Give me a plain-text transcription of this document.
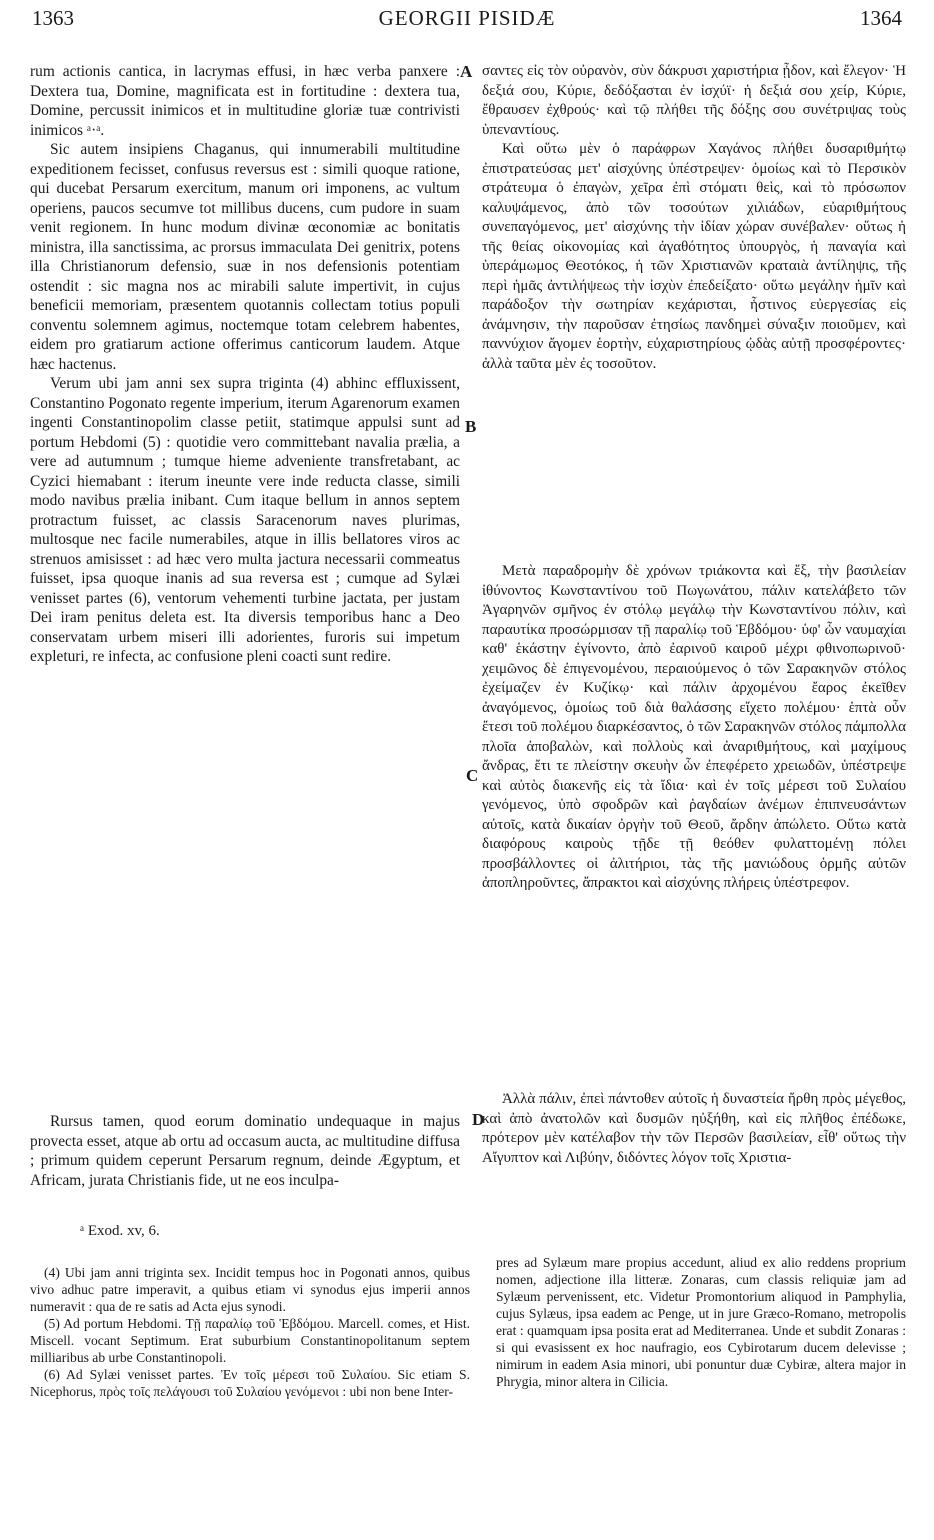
1363	GEORGII PISIDÆ	1364

rum actionis cantica, in lacrymas effusi, in hæc verba panxere : Dextera tua, Domine, magnificata est in fortitudine : dextera tua, Domine, percussit inimicos et in multitudine gloriæ tuæ contrivisti inimicos ᵃ·ᵃ.

Sic autem insipiens Chaganus, qui innumerabili multitudine expeditionem fecisset, confusus reversus est : simili quoque ratione, qui ducebat Persarum exercitum, manum ori imponens, ac vultum operiens, paucos secumve tot millibus ducens, cum pudore in suam venit regionem. In hunc modum divinæ œconomiæ ac bonitatis ministra, illa sanctissima, ac prorsus immaculata Dei genitrix, potens illa Christianorum defensio, suæ in nos defensionis potentiam ostendit : sic magna nos ac mirabili salute impertivit, in cujus beneficii memoriam, præsentem quotannis collectam totius populi conventu solemnem agimus, noctemque totam celebrem habentes, eidem pro gratiarum actione offerimus canticorum laudem. Atque hæc hactenus.

Verum ubi jam anni sex supra triginta (4) abhinc effluxissent, Constantino Pogonato regente imperium, iterum Agarenorum examen ingenti Constantinopolim classe petiit, statimque appulsi sunt ad portum Hebdomi (5) : quotidie vero committebant navalia prælia, a vere ad autumnum ; tumque hieme adveniente transfretabant, ac Cyzici hiemabant : iterum ineunte vere inde reducta classe, simili modo navibus prælia inibant. Cum itaque bellum in annos septem protractum fuisset, ac classis Saracenorum naves plurimas, multosque nec facile numerabiles, atque in illis bellatores viros ac strenuos amisisset : ad hæc vero multa jactura necessarii commeatus fuisset, ipsa quoque inanis ad sua reversa est ; cumque ad Sylæi venisset partes (6), ventorum vehementi turbine jactata, per justam Dei iram penitus deleta est. Ita diversis temporibus hanc a Deo conservatam urbem miseri illi adorientes, furoris sui impetum expleturi, re infecta, ac confusione pleni coacti sunt redire.

Rursus tamen, quod eorum dominatio undequaque in majus provecta esset, atque ab ortu ad occasum aucta, ac multitudine diffusa ; primum quidem ceperunt Persarum regnum, deinde Ægyptum, et Africam, jurata Christianis fide, ut ne eos inculpa-

σαντες εἰς τὸν οὐρανὸν, σὺν δάκρυσι χαριστήρια ᾖδον, καὶ ἔλεγον· Ἡ δεξιά σου, Κύριε, δεδόξασται ἐν ἰσχύϊ· ἡ δεξιά σου χείρ, Κύριε, ἔθραυσεν ἐχθρούς· καὶ τῷ πλήθει τῆς δόξης σου συνέτριψας τοὺς ὑπεναντίους.

Καὶ οὕτω μὲν ὁ παράφρων Χαγάνος πλήθει δυσαριθμήτῳ ἐπιστρατεύσας μετ' αἰσχύνης ὑπέστρεψεν· ὁμοίως καὶ τὸ Περσικὸν στράτευμα ὁ ἐπαγὼν, χεῖρα ἐπὶ στόματι θεὶς, καὶ τὸ πρόσωπον καλυψάμενος, ἀπὸ τῶν τοσούτων χιλιάδων, εὐαριθμήτους συνεπαγόμενος, μετ' αἰσχύνης τὴν ἰδίαν χώραν συνέβαλεν· οὕτως ἡ τῆς θείας οἰκονομίας καὶ ἀγαθότητος ὑπουργὸς, ἡ παναγία καὶ ὑπεράμωμος Θεοτόκος, ἡ τῶν Χριστιανῶν κραταιὰ ἀντίληψις, τῆς περὶ ἡμᾶς ἀντιλήψεως τὴν ἰσχὺν ἐπεδείξατο· οὕτω μεγάλην ἡμῖν καὶ παράδοξον τὴν σωτηρίαν κεχάρισται, ἧστινος εὐεργεσίας εἰς ἀνάμνησιν, τὴν παροῦσαν ἐτησίως πανδημεὶ σύναξιν ποιοῦμεν, καὶ παννύχιον ἄγομεν ἑορτὴν, εὐχαριστηρίους ᾠδὰς αὐτῇ προσφέροντες· ἀλλὰ ταῦτα μὲν ἐς τοσοῦτον.

Μετὰ παραδρομὴν δὲ χρόνων τριάκοντα καὶ ἕξ, τὴν βασιλείαν ἰθύνοντος Κωνσταντίνου τοῦ Πωγωνάτου, πάλιν κατελάβετο τῶν Ἀγαρηνῶν σμῆνος ἐν στόλῳ μεγάλῳ τὴν Κωνσταντίνου πόλιν, καὶ παραυτίκα προσώρμισαν τῇ παραλίῳ τοῦ Ἑβδόμου· ὑφ' ὧν ναυμαχίαι καθ' ἑκάστην ἐγίνοντο, ἀπὸ ἐαρινοῦ καιροῦ μέχρι φθινοπωρινοῦ· χειμῶνος δὲ ἐπιγενομένου, περαιούμενος ὁ τῶν Σαρακηνῶν στόλος ἐχείμαζεν ἐν Κυζίκῳ· καὶ πάλιν ἀρχομένου ἔαρος ἐκεῖθεν ἀναγόμενος, ὁμοίως τοῦ διὰ θαλάσσης εἴχετο πολέμου· ἑπτὰ οὖν ἔτεσι τοῦ πολέμου διαρκέσαντος, ὁ τῶν Σαρακηνῶν στόλος πάμπολλα πλοῖα ἀποβαλὼν, καὶ πολλοὺς καὶ ἀναριθμήτους, καὶ μαχίμους ἄνδρας, ἔτι τε πλείστην σκευὴν ὧν ἐπεφέρετο χρειωδῶν, ὑπέστρεψε καὶ αὐτὸς διακενῆς εἰς τὰ ἴδια· καὶ ἐν τοῖς μέρεσι τοῦ Συλαίου γενόμενος, ὑπὸ σφοδρῶν καὶ ῥαγδαίων ἀνέμων ἐπιπνευσάντων αὐτοῖς, κατὰ δικαίαν ὀργὴν τοῦ Θεοῦ, ἄρδην ἀπώλετο. Οὕτω κατὰ διαφόρους καιροὺς τῇδε τῇ θεόθεν φυλαττομένῃ πόλει προσβάλλοντες οἱ ἀλιτήριοι, τὰς τῆς μανιώδους ὁρμῆς αὐτῶν ἀποπληροῦντες, ἄπρακτοι καὶ αἰσχύνης πλήρεις ὑπέστρεφον.

Ἀλλὰ πάλιν, ἐπεὶ πάντοθεν αὐτοῖς ἡ δυναστεία ἤρθη πρὸς μέγεθος, καὶ ἀπὸ ἀνατολῶν καὶ δυσμῶν ηὐξήθη, καὶ εἰς πλῆθος ἐπέδωκε, πρότερον μὲν κατέλαβον τὴν τῶν Περσῶν βασιλείαν, εἶθ' οὕτως τὴν Αἴγυπτον καὶ Λιβύην, διδόντες λόγον τοῖς Χριστια-

A
B
C
D
ᵃ Exod. xv, 6.

(4) Ubi jam anni triginta sex. Incidit tempus hoc in Pogonati annos, quibus vivo adhuc patre imperavit, a quibus etiam vi synodus ejus imperii annos numeravit : qua de re satis ad Acta ejus synodi.

(5) Ad portum Hebdomi. Τῇ παραλίῳ τοῦ Ἑβδόμου. Marcell. comes, et Hist. Miscell. vocant Septimum. Erat suburbium Constantinopolitanum septem milliaribus ab urbe Constantinopoli.

(6) Ad Sylæi venisset partes. Ἐν τοῖς μέρεσι τοῦ Συλαίου. Sic etiam S. Nicephorus, πρὸς τοῖς πελάγουσι τοῦ Συλαίου γενόμενοι : ubi non bene Inter-

pres ad Sylæum mare propius accedunt, aliud ex alio reddens proprium nomen, adjectione illa litteræ. Zonaras, cum classis reliquiæ jam ad Sylæum pervenissent, etc. Videtur Promontorium aliquod in Pamphylia, cujus Sylæus, ipsa eadem ac Penge, ut in jure Græco-Romano, metropolis erat : quamquam ipsa posita erat ad Mediterranea. Unde et subdit Zonaras : si qui evasissent ex hoc naufragio, eos Cybirotarum ducem delevisse ; nimirum in eadem Asia minori, ubi ponuntur duæ Cybiræ, altera major in Phrygia, minor altera in Cilicia.
